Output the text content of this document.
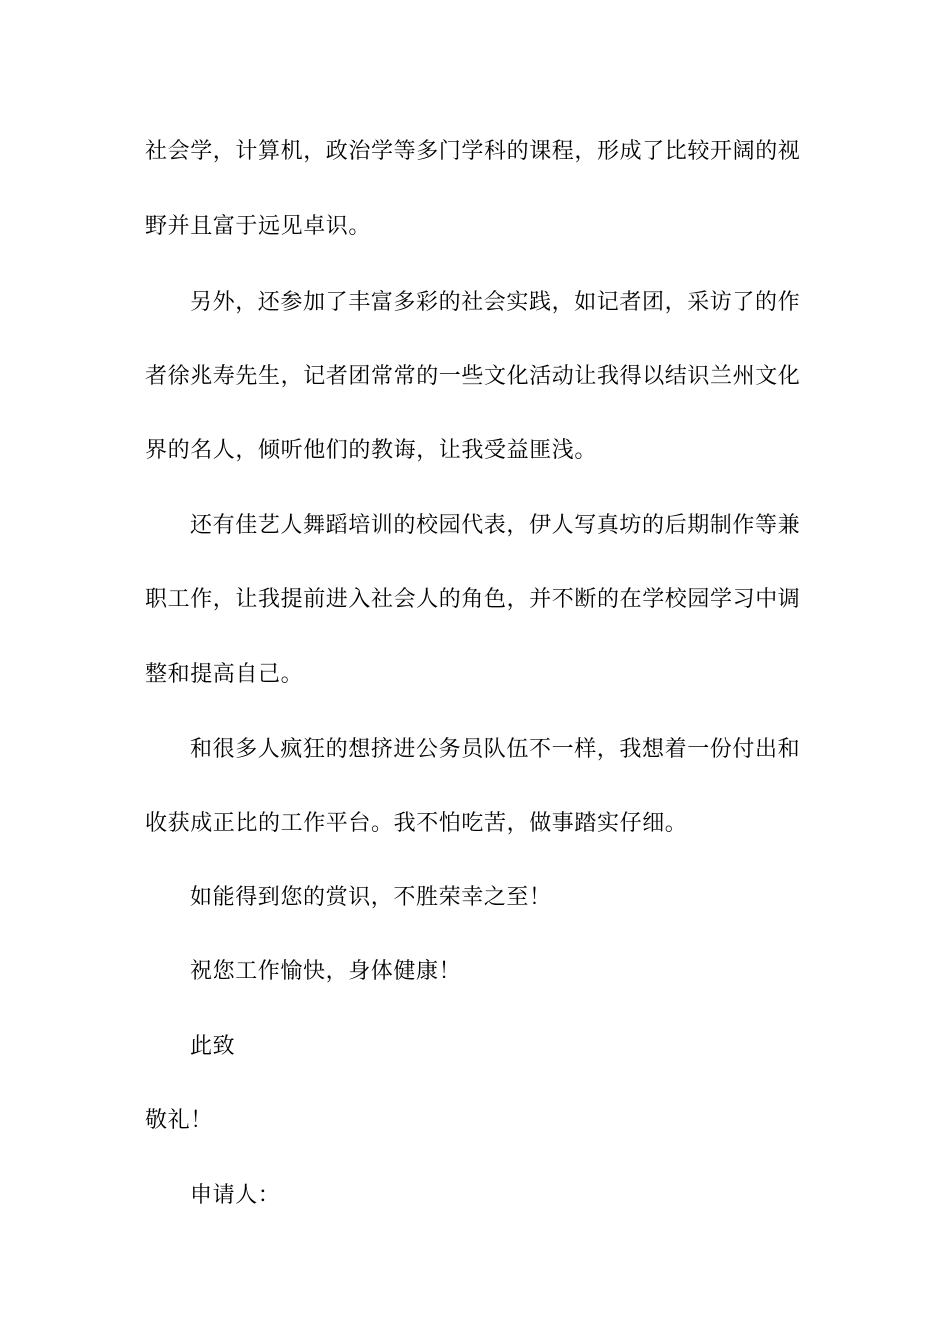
社会学，计算机，政治学等多门学科的课程，形成了比较开阔的视
野并且富于远见卓识。
另外，还参加了丰富多彩的社会实践，如记者团，采访了的作
者徐兆寿先生，记者团常常的一些文化活动让我得以结识兰州文化
界的名人，倾听他们的教诲，让我受益匪浅。
还有佳艺人舞蹈培训的校园代表，伊人写真坊的后期制作等兼
职工作，让我提前进入社会人的角色，并不断的在学校园学习中调
整和提高自己。
和很多人疯狂的想挤进公务员队伍不一样，我想着一份付出和
收获成正比的工作平台。我不怕吃苦，做事踏实仔细。
如能得到您的赏识，不胜荣幸之至！
祝您工作愉快，身体健康！
此致
敬礼！
申请人：
